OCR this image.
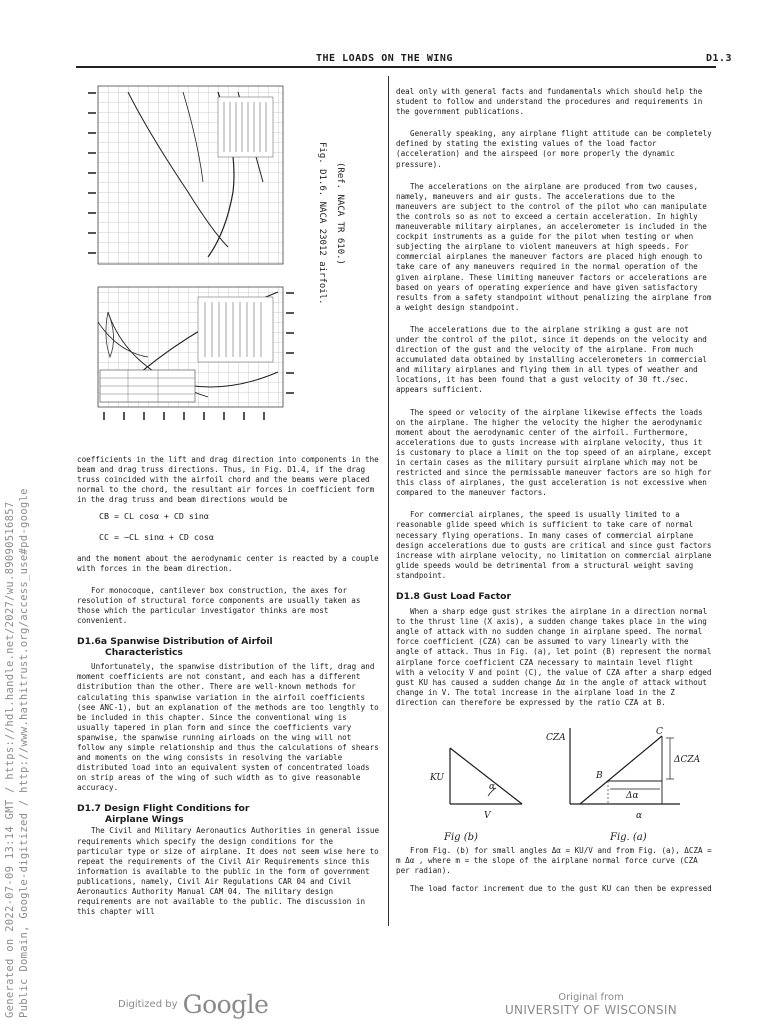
Generated on 2022-07-09 13:14 GMT / https://hdl.handle.net/2027/wu.89090516857 Public Domain, Google-digitized / http://www.hathitrust.org/access_use#pd-google
THE LOADS ON THE WING	D1.3
Fig. D1.6. NACA 23012 airfoil. (Ref. NACA TR 610.)

coefficients in the lift and drag direction into components in the beam and drag truss directions. Thus, in Fig. D1.4, if the drag truss coincided with the airfoil chord and the beams were placed normal to the chord, the resultant air forces in coefficient form in the drag truss and beam directions would be

CB = CL cosα + CD sinα
CC = −CL sinα + CD cosα

and the moment about the aerodynamic center is reacted by a couple with forces in the beam direction.

For monocoque, cantilever box construction, the axes for resolution of structural force components are usually taken as those which the particular investigator thinks are most convenient.

D1.6a Spanwise Distribution of Airfoil
Characteristics

Unfortunately, the spanwise distribution of the lift, drag and moment coefficients are not constant, and each has a different distribution than the other. There are well-known methods for calculating this spanwise variation in the airfoil coefficients (see ANC-1), but an explanation of the methods are too lengthly to be included in this chapter. Since the conventional wing is usually tapered in plan form and since the coefficients vary spanwise, the spanwise running airloads on the wing will not follow any simple relationship and thus the calculations of shears and moments on the wing consists in resolving the variable distributed load into an equivalent system of concentrated loads on strip areas of the wing of such width as to give reasonable accuracy.

D1.7 Design Flight Conditions for
Airplane Wings

The Civil and Military Aeronautics Authorities in general issue requirements which specify the design conditions for the particular type or size of airplane. It does not seem wise here to repeat the requirements of the Civil Air Requirements since this information is available to the public in the form of government publications, namely, Civil Air Regulations CAR 04 and Civil Aeronautics Authority Manual CAM 04. The military design requirements are not available to the public. The discussion in this chapter will

deal only with general facts and fundamentals which should help the student to follow and understand the procedures and requirements in the government publications.

Generally speaking, any airplane flight attitude can be completely defined by stating the existing values of the load factor (acceleration) and the airspeed (or more properly the dynamic pressure).

The accelerations on the airplane are produced from two causes, namely, maneuvers and air gusts. The accelerations due to the maneuvers are subject to the control of the pilot who can manipulate the controls so as not to exceed a certain acceleration. In highly maneuverable military airplanes, an accelerometer is included in the cockpit instruments as a guide for the pilot when testing or when subjecting the airplane to violent maneuvers at high speeds. For commercial airplanes the maneuver factors are placed high enough to take care of any maneuvers required in the normal operation of the given airplane. These limiting maneuver factors or accelerations are based on years of operating experience and have given satisfactory results from a safety standpoint without penalizing the airplane from a weight design standpoint.

The accelerations due to the airplane striking a gust are not under the control of the pilot, since it depends on the velocity and direction of the gust and the velocity of the airplane. From much accumulated data obtained by installing accelerometers in commercial and military airplanes and flying them in all types of weather and locations, it has been found that a gust velocity of 30 ft./sec. appears sufficient.

The speed or velocity of the airplane likewise effects the loads on the airplane. The higher the velocity the higher the aerodynamic moment about the aerodynamic center of the airfoil. Furthermore, accelerations due to gusts increase with airplane velocity, thus it is customary to place a limit on the top speed of an airplane, except in certain cases as the military pursuit airplane which may not be restricted and since the permissable maneuver factors are so high for this class of airplanes, the gust acceleration is not excessive when compared to the maneuver factors.

For commercial airplanes, the speed is usually limited to a reasonable glide speed which is sufficient to take care of normal necessary flying operations. In many cases of commercial airplane design accelerations due to gusts are critical and since gust factors increase with airplane velocity, no limitation on commercial airplane glide speeds would be detrimental from a structural weight saving standpoint.

D1.8 Gust Load Factor

When a sharp edge gust strikes the airplane in a direction normal to the thrust line (X axis), a sudden change takes place in the wing angle of attack with no sudden change in airplane speed. The normal force coefficient (CZA) can be assumed to vary linearly with the angle of attack. Thus in Fig. (a), let point (B) represent the normal airplane force coefficient CZA necessary to maintain level flight with a velocity V and point (C), the value of CZA after a sharp edged gust KU has caused a sudden change Δα in the angle of attack without change in V. The total increase in the airplane load in the Z direction can therefore be expressed by the ratio CZA at B.

From Fig. (b) for small angles Δα = KU/V and from Fig. (a), ΔCZA = m Δα , where m = the slope of the airplane normal force curve (CZA per radian).

The load factor increment due to the gust KU can then be expressed

KU
V
α
Fig (b)
CZA
B
C
ΔCZA
Δα
α
Fig. (a)
Digitized by Google	Original from
UNIVERSITY OF WISCONSIN
